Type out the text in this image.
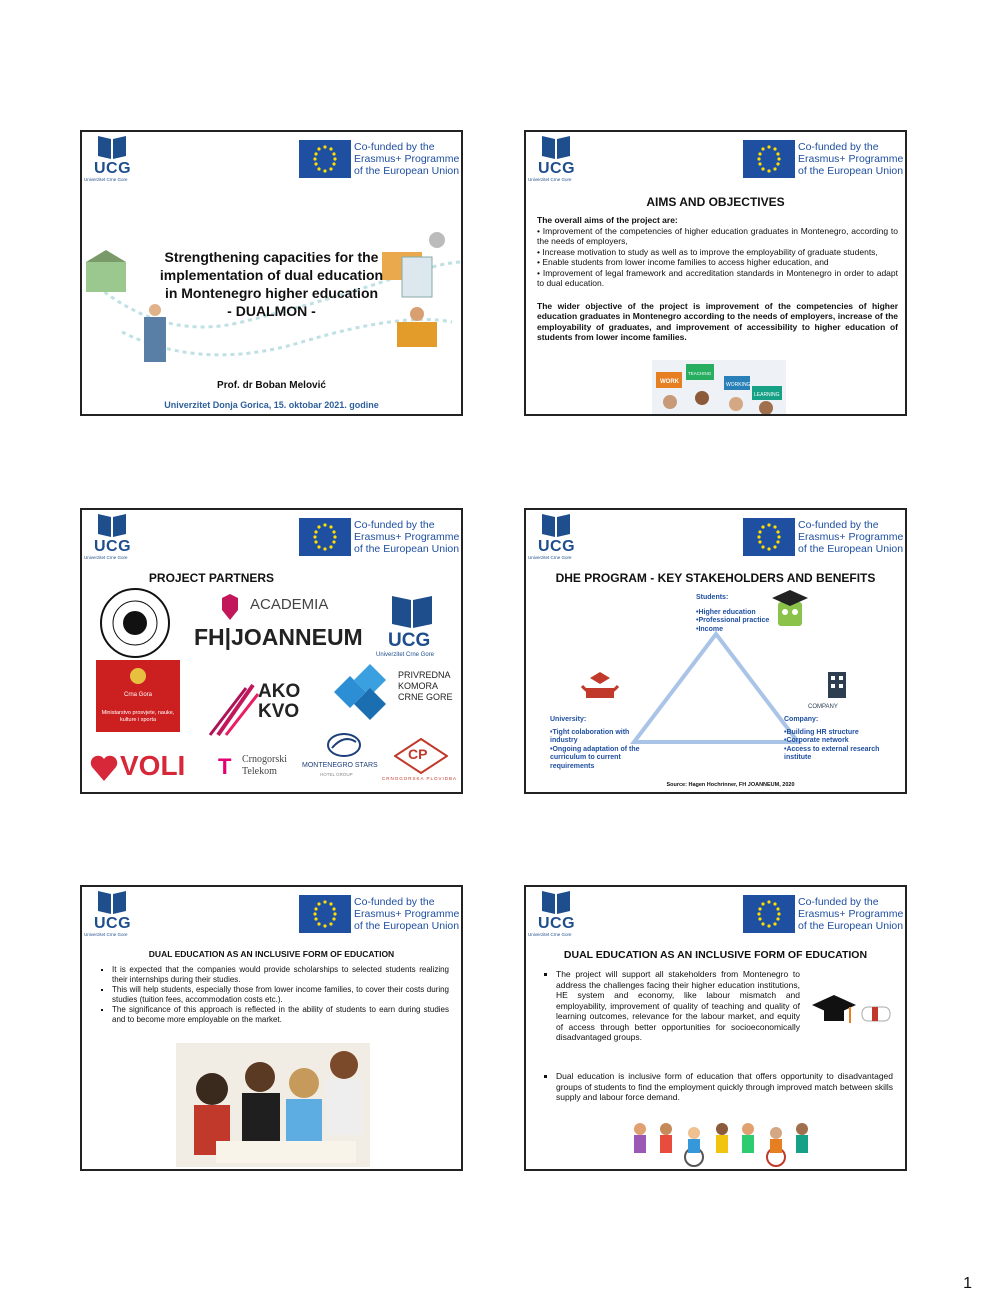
UCG
Univerzitet Crne Gore
Co-funded by the
Erasmus+ Programme
of the European Union
Strengthening capacities for the
implementation of dual education
in Montenegro higher education
- DUALMON -
Prof. dr Boban Melović
Univerzitet Donja Gorica, 15. oktobar 2021. godine
UCG
Univerzitet Crne Gore
Co-funded by the
Erasmus+ Programme
of the European Union
AIMS AND OBJECTIVES

The overall aims of the project are:

• Improvement of the competencies of higher education graduates in Montenegro, according to the needs of employers,

• Increase motivation to study as well as to improve the employability of graduate students,

• Enable students from lower income families to access higher education, and

• Improvement of legal framework and accreditation standards in Montenegro in order to adapt to dual education.

The wider objective of the project is improvement of the competencies of higher education graduates in Montenegro according to the needs of employers, increase of the employability of graduates, and improvement of accessibility to higher education of students from lower income families.

WORK
TEACHING
WORKING
LEARNING
UCG
Univerzitet Crne Gore
Co-funded by the
Erasmus+ Programme
of the European Union
PROJECT PARTNERS
ACADEMIA
FH|JOANNEUM UCG
Univerzitet Crne Gore
Crna Gora
Ministarstvo prosvjete, nauke, kulture i sporta
AKO
KVO
PRIVREDNA
KOMORA
CRNE GORE
VOLI T Crnogorski
Telekom
MONTENEGRO STARS
HOTEL GROUP
CP
CRNOGORSKA PLOVIDBA
UCG
Univerzitet Crne Gore
Co-funded by the
Erasmus+ Programme
of the European Union
DHE PROGRAM - KEY STAKEHOLDERS AND BENEFITS
Students:
•Higher education
•Professional practice
•Income
COMPANY
University:
•Tight colaboration with industry
•Ongoing adaptation of the curriculum to current requirements
Company:
•Building HR structure
•Corporate network
•Access to external research institute
Source: Hagen Hochrinner, FH JOANNEUM, 2020
UCG
Univerzitet Crne Gore
Co-funded by the
Erasmus+ Programme
of the European Union
DUAL EDUCATION AS AN INCLUSIVE FORM OF EDUCATION
▪ It is expected that the companies would provide scholarships to selected students realizing their internships during their studies.
▪ This will help students, especially those from lower income families, to cover their costs during studies (tuition fees, accommodation costs etc.).
▪ The significance of this approach is reflected in the ability of students to earn during studies and to become more employable on the market.
UCG
Univerzitet Crne Gore
Co-funded by the
Erasmus+ Programme
of the European Union
DUAL EDUCATION AS AN INCLUSIVE FORM OF EDUCATION
▪ The project will support all stakeholders from Montenegro to address the challenges facing their higher education institutions, HE system and economy, like labour mismatch and employability, improvement of quality of teaching and quality of learning outcomes, relevance for the labour market, and equity of access through better opportunities for socioeconomically disadvantaged groups.
▪ Dual education is inclusive form of education that offers opportunity to disadvantaged groups of students to find the employment quickly through improved match between skills supply and labour force demand.
1
